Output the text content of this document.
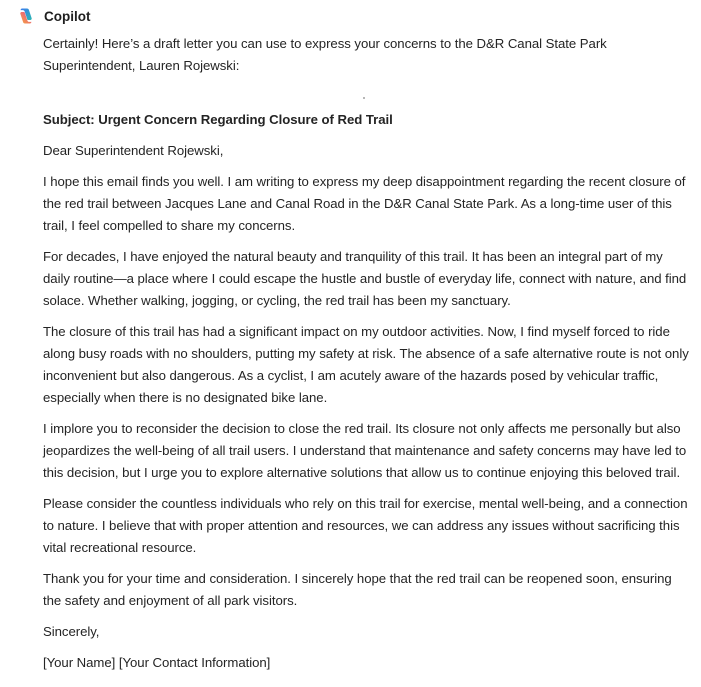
Copilot

Certainly! Here’s a draft letter you can use to express your concerns to the D&R Canal State Park Superintendent, Lauren Rojewski:

Subject: Urgent Concern Regarding Closure of Red Trail

Dear Superintendent Rojewski,

I hope this email finds you well. I am writing to express my deep disappointment regarding the recent closure of the red trail between Jacques Lane and Canal Road in the D&R Canal State Park. As a long-time user of this trail, I feel compelled to share my concerns.

For decades, I have enjoyed the natural beauty and tranquility of this trail. It has been an integral part of my daily routine—a place where I could escape the hustle and bustle of everyday life, connect with nature, and find solace. Whether walking, jogging, or cycling, the red trail has been my sanctuary.

The closure of this trail has had a significant impact on my outdoor activities. Now, I find myself forced to ride along busy roads with no shoulders, putting my safety at risk. The absence of a safe alternative route is not only inconvenient but also dangerous. As a cyclist, I am acutely aware of the hazards posed by vehicular traffic, especially when there is no designated bike lane.

I implore you to reconsider the decision to close the red trail. Its closure not only affects me personally but also jeopardizes the well-being of all trail users. I understand that maintenance and safety concerns may have led to this decision, but I urge you to explore alternative solutions that allow us to continue enjoying this beloved trail.

Please consider the countless individuals who rely on this trail for exercise, mental well-being, and a connection to nature. I believe that with proper attention and resources, we can address any issues without sacrificing this vital recreational resource.

Thank you for your time and consideration. I sincerely hope that the red trail can be reopened soon, ensuring the safety and enjoyment of all park visitors.

Sincerely,

[Your Name] [Your Contact Information]
